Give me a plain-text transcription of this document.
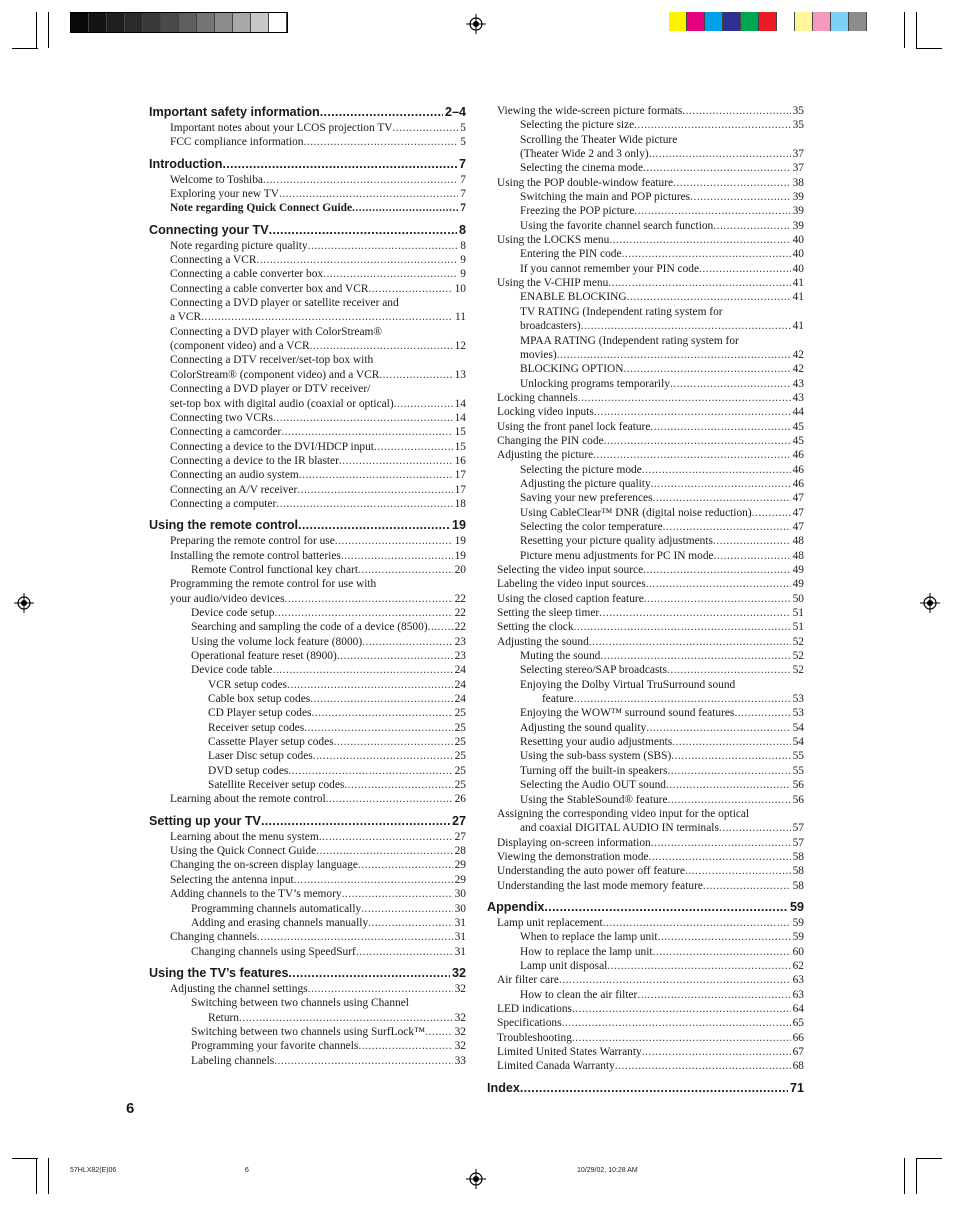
Important safety information .....	2–4
Important notes about your LCOS projection TV .....	5
FCC compliance information .....	5
Introduction .....	7
Welcome to Toshiba .....	7
Exploring your new TV .....	7
Note regarding Quick Connect Guide .....	7
Connecting your TV .....	8
Note regarding picture quality .....	8
Connecting a VCR .....	9
Connecting a cable converter box .....	9
Connecting a cable converter box and VCR .....	10
Connecting a DVD player or satellite receiver and
a VCR .....	11
Connecting a DVD player with ColorStream®
(component video) and a VCR .....	12
Connecting a DTV receiver/set-top box with
ColorStream® (component video) and a VCR .....	13
Connecting a DVD player or DTV receiver/
set-top box with digital audio (coaxial or optical) .....	14
Connecting two VCRs .....	14
Connecting a camcorder .....	15
Connecting a device to the DVI/HDCP input .....	15
Connecting a device to the IR blaster .....	16
Connecting an audio system .....	17
Connecting an A/V receiver .....	17
Connecting a computer .....	18
Using the remote control .....	19
Preparing the remote control for use .....	19
Installing the remote control batteries .....	19
Remote Control functional key chart .....	20
Programming the remote control for use with
your audio/video devices .....	22
Device code setup .....	22
Searching and sampling the code of a device (8500) ..... 22
Using the volume lock feature (8000) .....	23
Operational feature reset (8900) .....	23
Device code table .....	24
VCR setup codes .....	24
Cable box setup codes .....	24
CD Player setup codes .....	25
Receiver setup codes .....	25
Cassette Player setup codes .....	25
Laser Disc setup codes .....	25
DVD setup codes .....	25
Satellite Receiver setup codes .....	25
Learning about the remote control .....	26
Setting up your TV .....	27
Learning about the menu system .....	27
Using the Quick Connect Guide .....	28
Changing the on-screen display language .....	29
Selecting the antenna input .....	29
Adding channels to the TV’s memory .....	30
Programming channels automatically .....	30
Adding and erasing channels manually .....	31
Changing channels .....	31
Changing channels using SpeedSurf .....	31
Using the TV’s features .....	32
Adjusting the channel settings .....	32
Switching between two channels using Channel
Return .....	32
Switching between two channels using SurfLock™ .....	32
Programming your favorite channels .....	32
Labeling channels .....	33
Viewing the wide-screen picture formats .....	35
Selecting the picture size .....	35
Scrolling the Theater Wide picture
(Theater Wide 2 and 3 only) .....	37
Selecting the cinema mode .....	37
Using the POP double-window feature .....	38
Switching the main and POP pictures .....	39
Freezing the POP picture .....	39
Using the favorite channel search function .....	39
Using the LOCKS menu .....	40
Entering the PIN code .....	40
If you cannot remember your PIN code .....	40
Using the V-CHIP menu .....	41
ENABLE BLOCKING .....	41
TV RATING (Independent rating system for
broadcasters) .....	41
MPAA RATING (Independent rating system for
movies) .....	42
BLOCKING OPTION .....	42
Unlocking programs temporarily .....	43
Locking channels .....	43
Locking video inputs .....	44
Using the front panel lock feature .....	45
Changing the PIN code .....	45
Adjusting the picture .....	46
Selecting the picture mode .....	46
Adjusting the picture quality .....	46
Saving your new preferences .....	47
Using CableClear™ DNR (digital noise reduction) .....	47
Selecting the color temperature .....	47
Resetting your picture quality adjustments .....	48
Picture menu adjustments for PC IN mode .....	48
Selecting the video input source .....	49
Labeling the video input sources .....	49
Using the closed caption feature .....	50
Setting the sleep timer .....	51
Setting the clock .....	51
Adjusting the sound .....	52
Muting the sound .....	52
Selecting stereo/SAP broadcasts .....	52
Enjoying the Dolby Virtual TruSurround sound
feature .....	53
Enjoying the WOW™ surround sound features .....	53
Adjusting the sound quality .....	54
Resetting your audio adjustments .....	54
Using the sub-bass system (SBS) .....	55
Turning off the built-in speakers .....	55
Selecting the Audio OUT sound .....	56
Using the StableSound® feature .....	56
Assigning the corresponding video input for the optical
and coaxial DIGITAL AUDIO IN terminals .....	57
Displaying on-screen information .....	57
Viewing the demonstration mode .....	58
Understanding the auto power off feature .....	58
Understanding the last mode memory feature .....	58
Appendix .....	59
Lamp unit replacement .....	59
When to replace the lamp unit .....	59
How to replace the lamp unit .....	60
Lamp unit disposal .....	62
Air filter care .....	63
How to clean the air filter .....	63
LED indications .....	64
Specifications .....	65
Troubleshooting .....	66
Limited United States Warranty .....	67
Limited Canada Warranty .....	68
Index .....	71
6
57HLX82(E)06	6	10/29/02, 10:28 AM
